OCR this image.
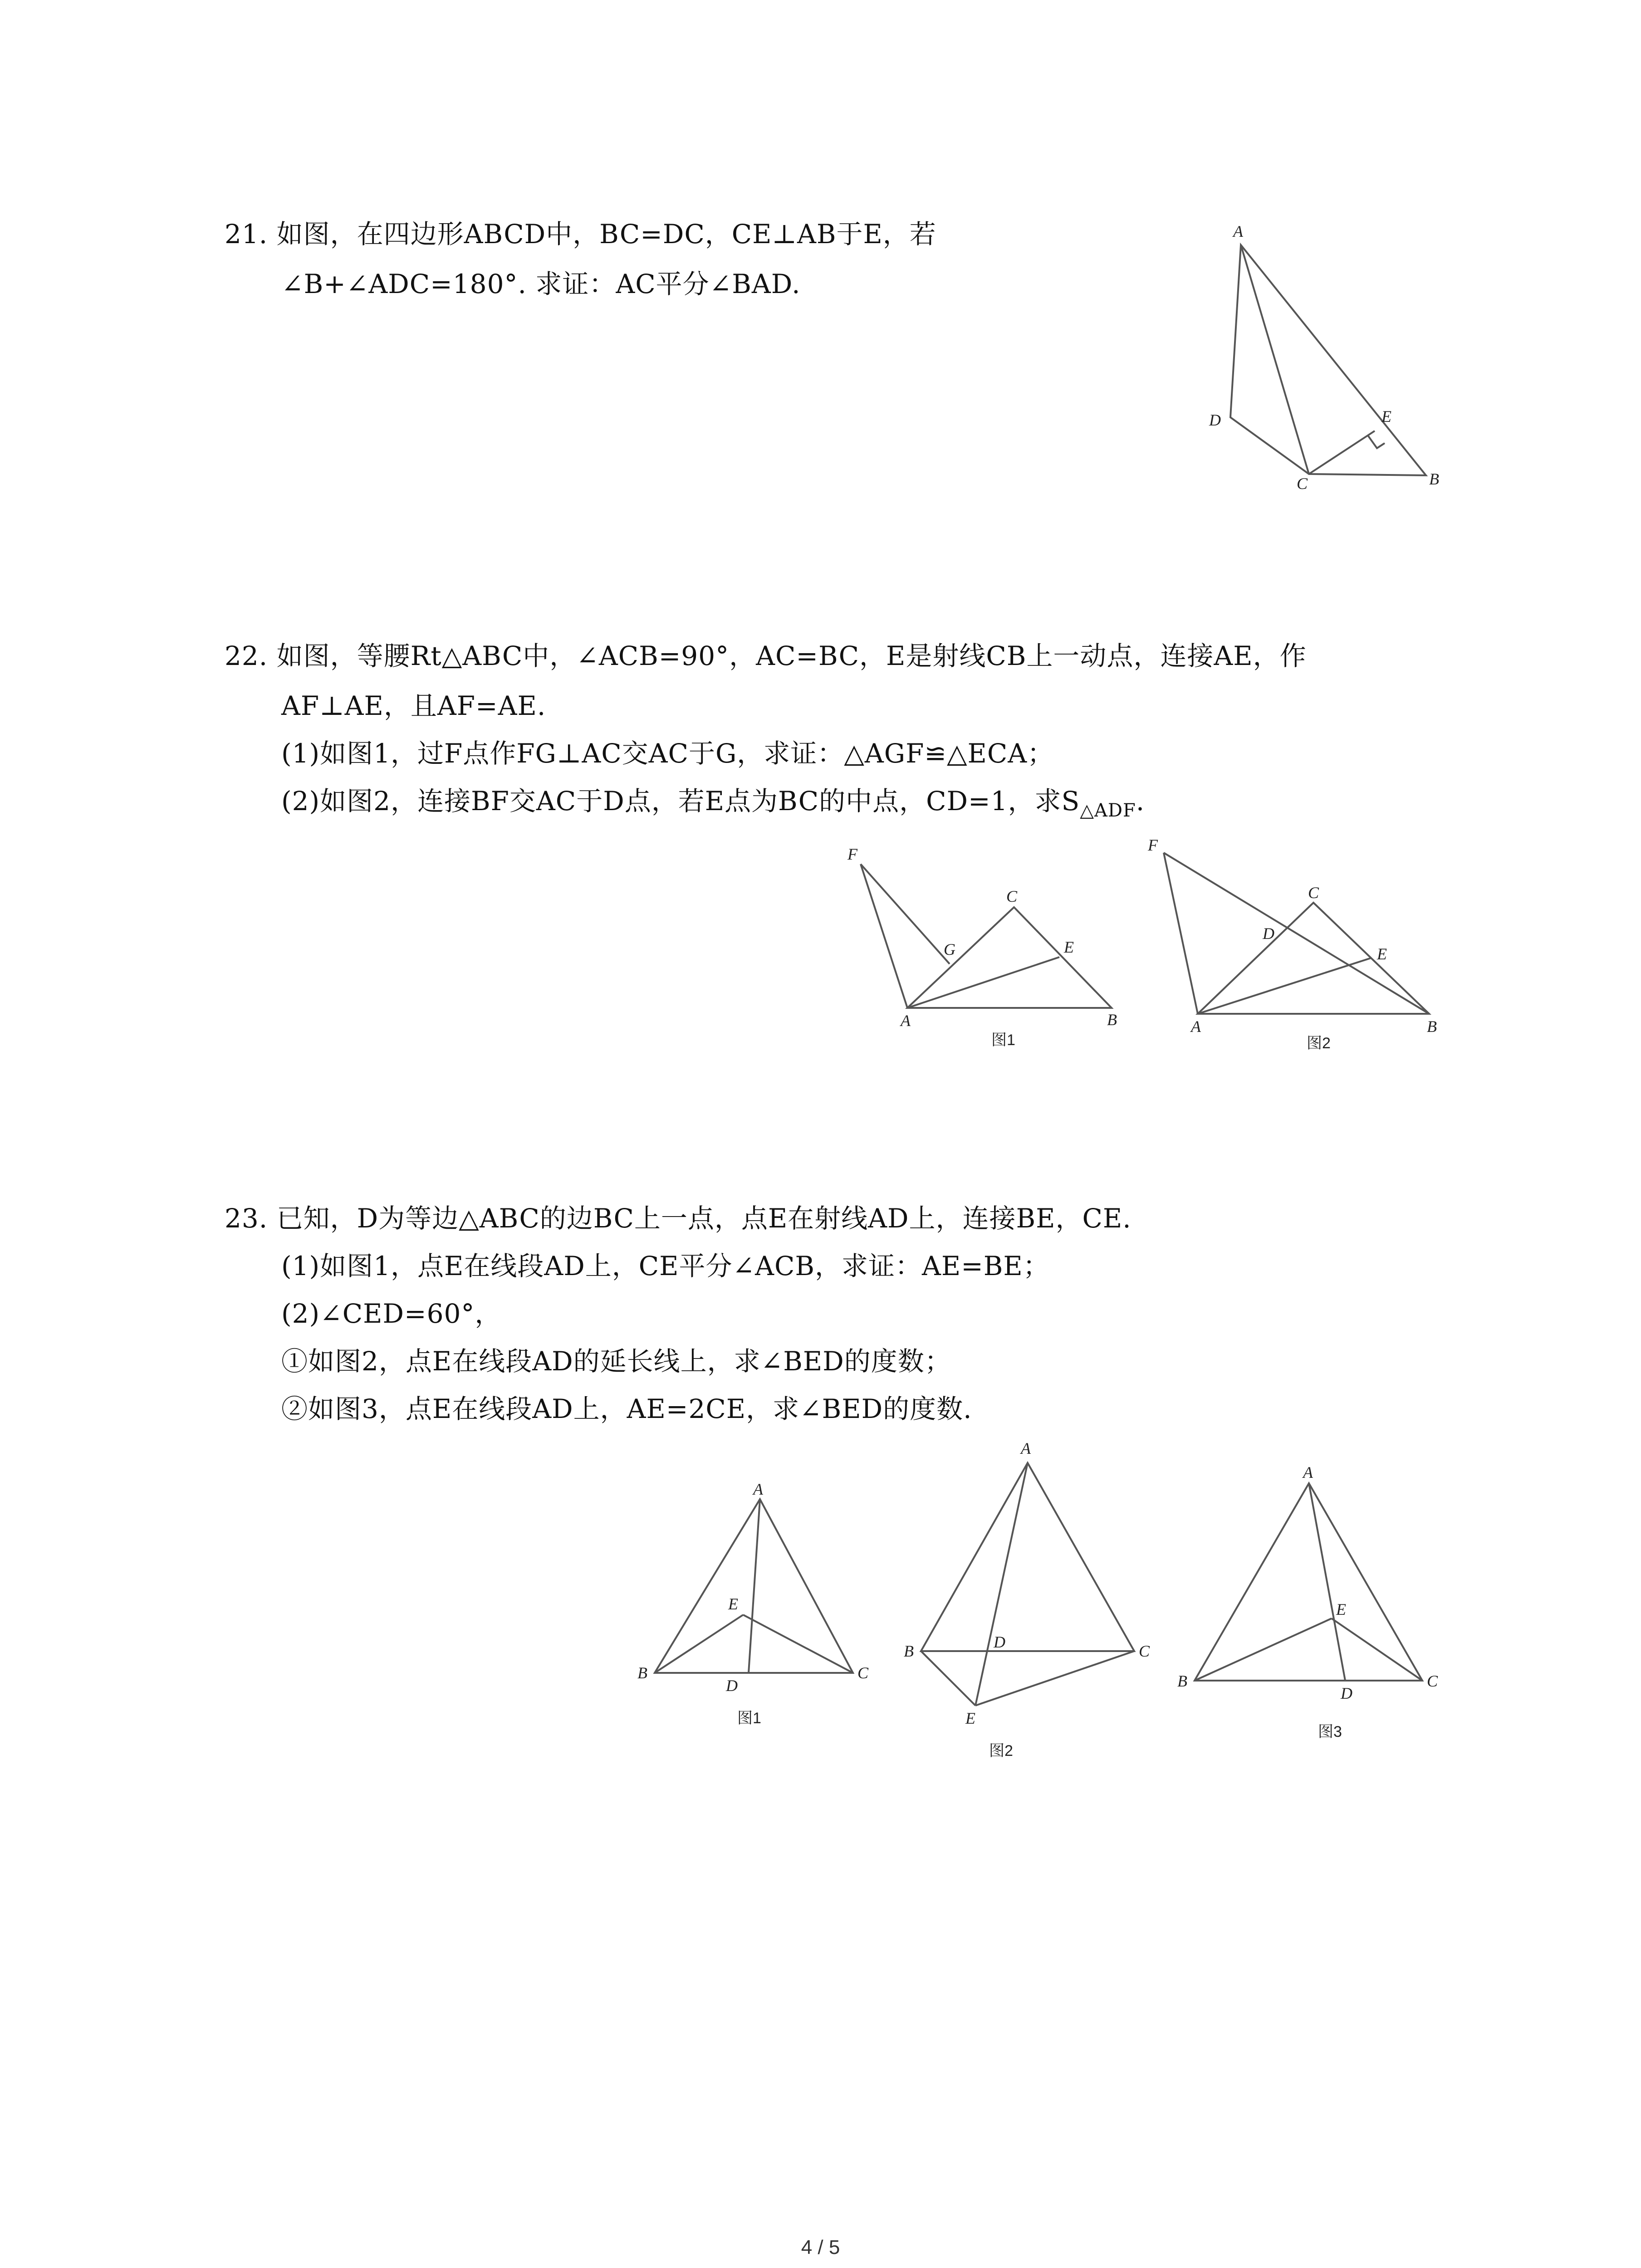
21. 如图，在四边形ABCD中，BC=DC，CE⊥AB于E，若
∠B+∠ADC=180°. 求证：AC平分∠BAD.
A
D	E
C	B
22. 如图，等腰Rt△ABC中，∠ACB=90°，AC=BC，E是射线CB上一动点，连接AE，作
AF⊥AE，且AF=AE.
(1)如图1，过F点作FG⊥AC交AC于G，求证：△AGF≌△ECA；
(2)如图2，连接BF交AC于D点，若E点为BC的中点，CD=1，求$S_{\triangle ADF}$.
F
C
G	E
A	B
图1
F
C
D
E
A	B
图2
23. 已知，D为等边△ABC的边BC上一点，点E在射线AD上，连接BE，CE.
(1)如图1，点E在线段AD上，CE平分∠ACB，求证：AE=BE；
(2)∠CED=60°，
①如图2，点E在线段AD的延长线上，求∠BED的度数；
②如图3，点E在线段AD上，AE=2CE，求∠BED的度数.
A
E
B
D
C
图1
A
B	D	C
E
图2
A
E
B
D
C
图3
4 / 5
